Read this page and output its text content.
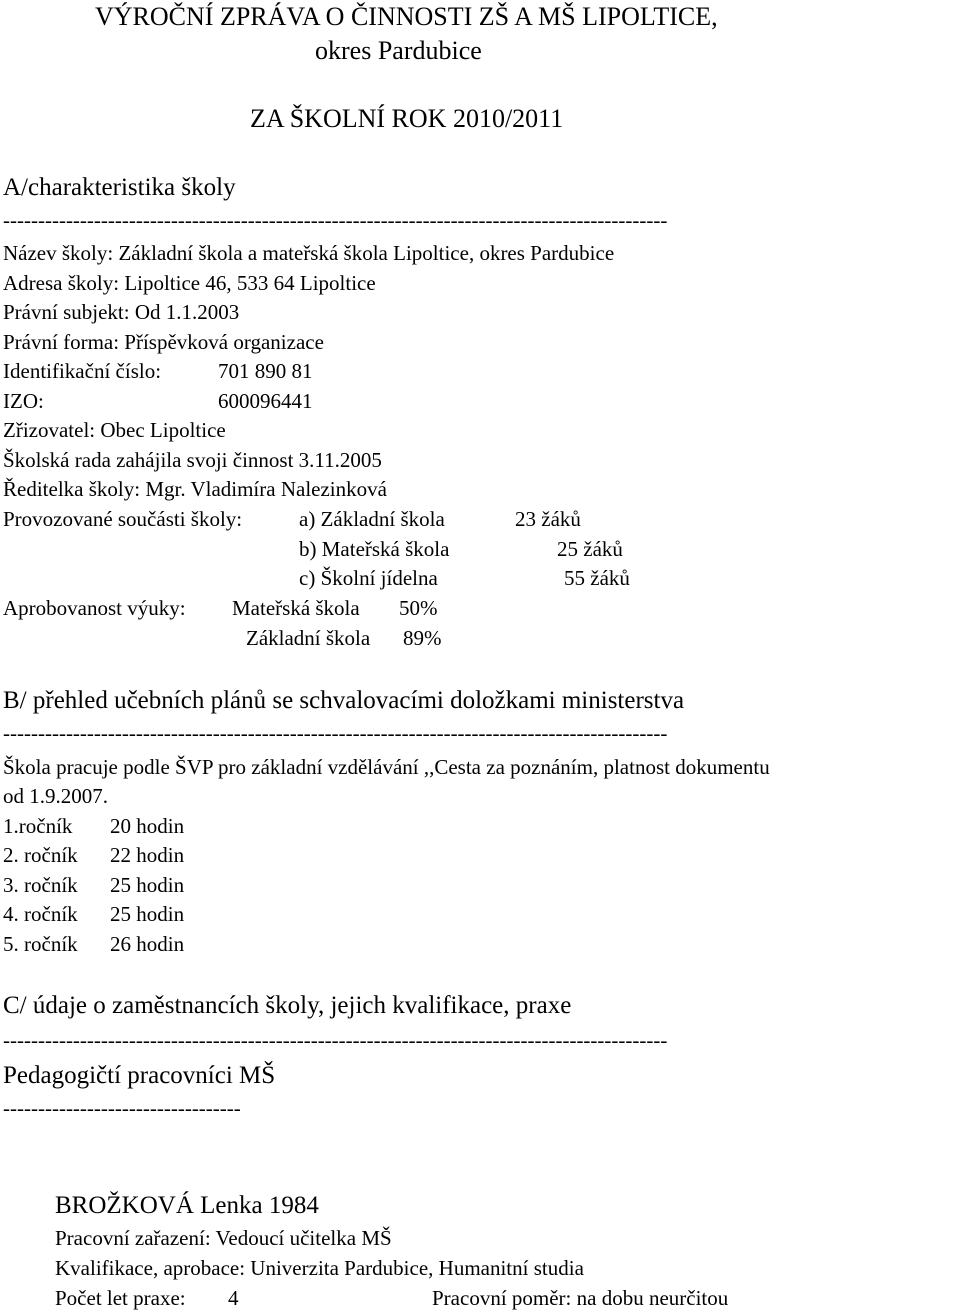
VÝROČNÍ ZPRÁVA O ČINNOSTI ZŠ A MŠ LIPOLTICE,
okres Pardubice
ZA ŠKOLNÍ ROK 2010/2011
A/charakteristika školy
-----------------------------------------------------------------------------------------------
Název školy: Základní škola a mateřská škola Lipoltice, okres Pardubice
Adresa školy: Lipoltice 46, 533 64 Lipoltice
Právní subjekt: Od 1.1.2003
Právní forma: Příspěvková organizace
Identifikační číslo:	701 890 81
IZO:	600096441
Zřizovatel: Obec Lipoltice
Školská rada zahájila svoji činnost 3.11.2005
Ředitelka školy: Mgr. Vladimíra Nalezinková
Provozované součásti školy:	a) Základní škola	23 žáků
b) Mateřská škola	25 žáků
c) Školní jídelna	55 žáků
Aprobovanost výuky: Mateřská škola 50%
Základní škola 89%
B/ přehled učebních plánů se schvalovacími doložkami ministerstva
-----------------------------------------------------------------------------------------------
Škola pracuje podle ŠVP pro základní vzdělávání ,,Cesta za poznáním, platnost dokumentu
od 1.9.2007.
1.ročník 20 hodin
2. ročník 22 hodin
3. ročník 25 hodin
4. ročník 25 hodin
5. ročník 26 hodin
C/ údaje o zaměstnancích školy, jejich kvalifikace, praxe
-----------------------------------------------------------------------------------------------
Pedagogičtí pracovníci MŠ
----------------------------------
BROŽKOVÁ Lenka 1984
Pracovní zařazení: Vedoucí učitelka MŠ
Kvalifikace, aprobace: Univerzita Pardubice, Humanitní studia
Počet let praxe: 4	Pracovní poměr: na dobu neurčitou
